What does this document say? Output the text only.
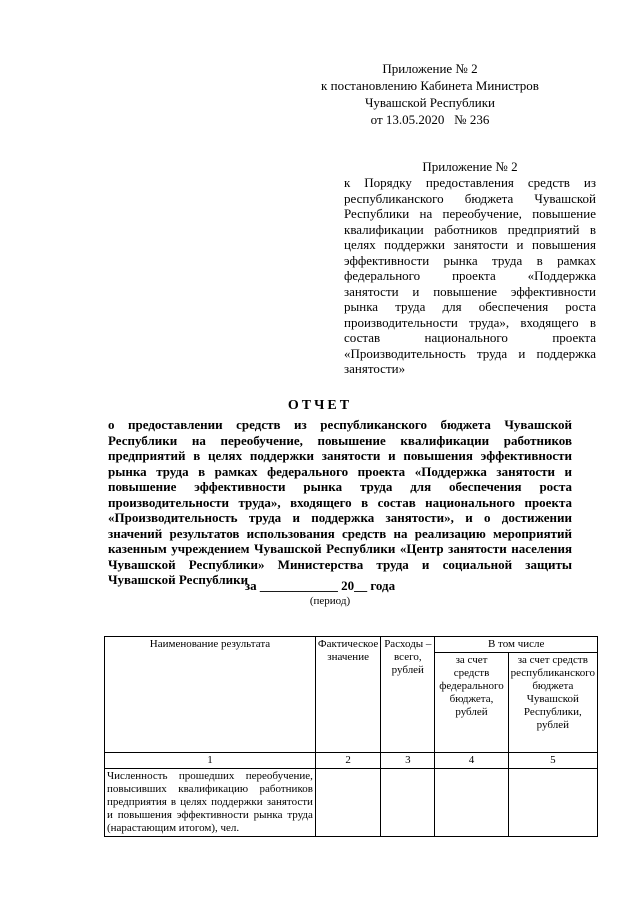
Приложение № 2
к постановлению Кабинета Министров
Чувашской Республики
от 13.05.2020   № 236
Приложение № 2
к Порядку предоставления средств из республиканского бюджета Чувашской Республики на переобучение, повышение квалификации работников предприятий в целях поддержки занятости и повышения эффективности рынка труда в рамках федерального проекта «Поддержка занятости и повышение эффективности рынка труда для обеспечения роста производительности труда», входящего в состав национального проекта «Производительность труда и поддержка занятости»
ОТЧЕТ
о предоставлении средств из республиканского бюджета Чувашской Республики на переобучение, повышение квалификации работников предприятий в целях поддержки занятости и повышения эффективности рынка труда в рамках федерального проекта «Поддержка занятости и повышение эффективности рынка труда для обеспечения роста производительности труда», входящего в состав национального проекта «Производительность труда и поддержка занятости», и о достижении значений результатов использования средств на реализацию мероприятий казенным учреждением Чувашской Республики «Центр занятости населения Чувашской Республики» Министерства труда и социальной защиты Чувашской Республики
за ____________ 20__ года
(период)
Наименование результата	Фактическое значение	Расходы – всего, рублей	В том числе	
			за счет средств федерального бюджета, рублей	за счет средств республиканского бюджета Чувашской Республики, рублей
1	2	3	4	5
Численность прошедших переобучение, повысивших квалификацию работников предприятия в целях поддержки занятости и повышения эффективности рынка труда (нарастающим итогом), чел.				
